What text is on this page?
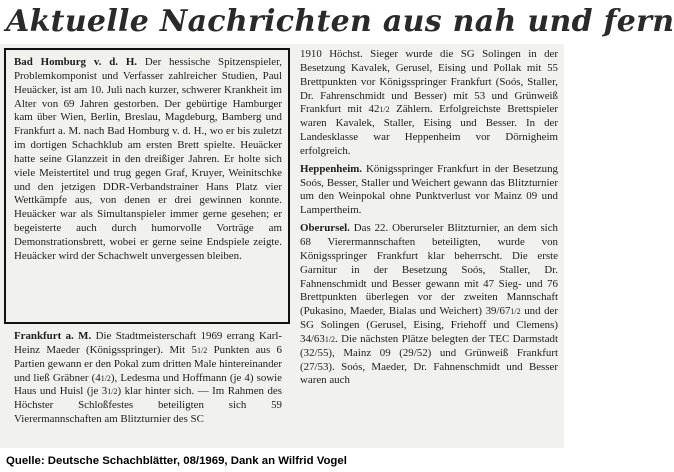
Aktuelle Nachrichten aus nah und fern

Bad Homburg v. d. H. Der hessische Spitzenspieler, Problemkomponist und Verfasser zahlreicher Studien, Paul Heuäcker, ist am 10. Juli nach kurzer, schwerer Krankheit im Alter von 69 Jahren gestorben. Der gebürtige Hamburger kam über Wien, Berlin, Breslau, Magdeburg, Bamberg und Frankfurt a. M. nach Bad Homburg v. d. H., wo er bis zuletzt im dortigen Schachklub am ersten Brett spielte. Heuäcker hatte seine Glanzzeit in den dreißiger Jahren. Er holte sich viele Meistertitel und trug gegen Graf, Kruyer, Weinitschke und den jetzigen DDR-Verbandstrainer Hans Platz vier Wettkämpfe aus, von denen er drei gewinnen konnte. Heuäcker war als Simultanspieler immer gerne gesehen; er begeisterte auch durch humorvolle Vorträge am Demonstrationsbrett, wobei er gerne seine Endspiele zeigte. Heuäcker wird der Schachwelt unvergessen bleiben.

Frankfurt a. M. Die Stadtmeisterschaft 1969 errang Karl-Heinz Maeder (Königsspringer). Mit 51/2 Punkten aus 6 Partien gewann er den Pokal zum dritten Male hintereinander und ließ Gräbner (41/2), Ledesma und Hoffmann (je 4) sowie Haus und Huisl (je 31/2) klar hinter sich. — Im Rahmen des Höchster Schloßfestes beteiligten sich 59 Vierermannschaften am Blitzturnier des SC

1910 Höchst. Sieger wurde die SG Solingen in der Besetzung Kavalek, Gerusel, Eising und Pollak mit 55 Brettpunkten vor Königsspringer Frankfurt (Soós, Staller, Dr. Fahrenschmidt und Besser) mit 53 und Grünweiß Frankfurt mit 421/2 Zählern. Erfolgreichste Brettspieler waren Kavalek, Staller, Eising und Besser. In der Landesklasse war Heppenheim vor Dörnigheim erfolgreich.

Heppenheim. Königsspringer Frankfurt in der Besetzung Soós, Besser, Staller und Weichert gewann das Blitzturnier um den Weinpokal ohne Punktverlust vor Mainz 09 und Lampertheim.

Oberursel. Das 22. Oberurseler Blitzturnier, an dem sich 68 Vierermannschaften beteiligten, wurde von Königsspringer Frankfurt klar beherrscht. Die erste Garnitur in der Besetzung Soós, Staller, Dr. Fahnenschmidt und Besser gewann mit 47 Sieg- und 76 Brettpunkten überlegen vor der zweiten Mannschaft (Pukasino, Maeder, Bialas und Weichert) 39/671/2 und der SG Solingen (Gerusel, Eising, Friehoff und Clemens) 34/631/2. Die nächsten Plätze belegten der TEC Darmstadt (32/55), Mainz 09 (29/52) und Grünweiß Frankfurt (27/53). Soós, Maeder, Dr. Fahnenschmidt und Besser waren auch

Quelle: Deutsche Schachblätter, 08/1969, Dank an Wilfrid Vogel
